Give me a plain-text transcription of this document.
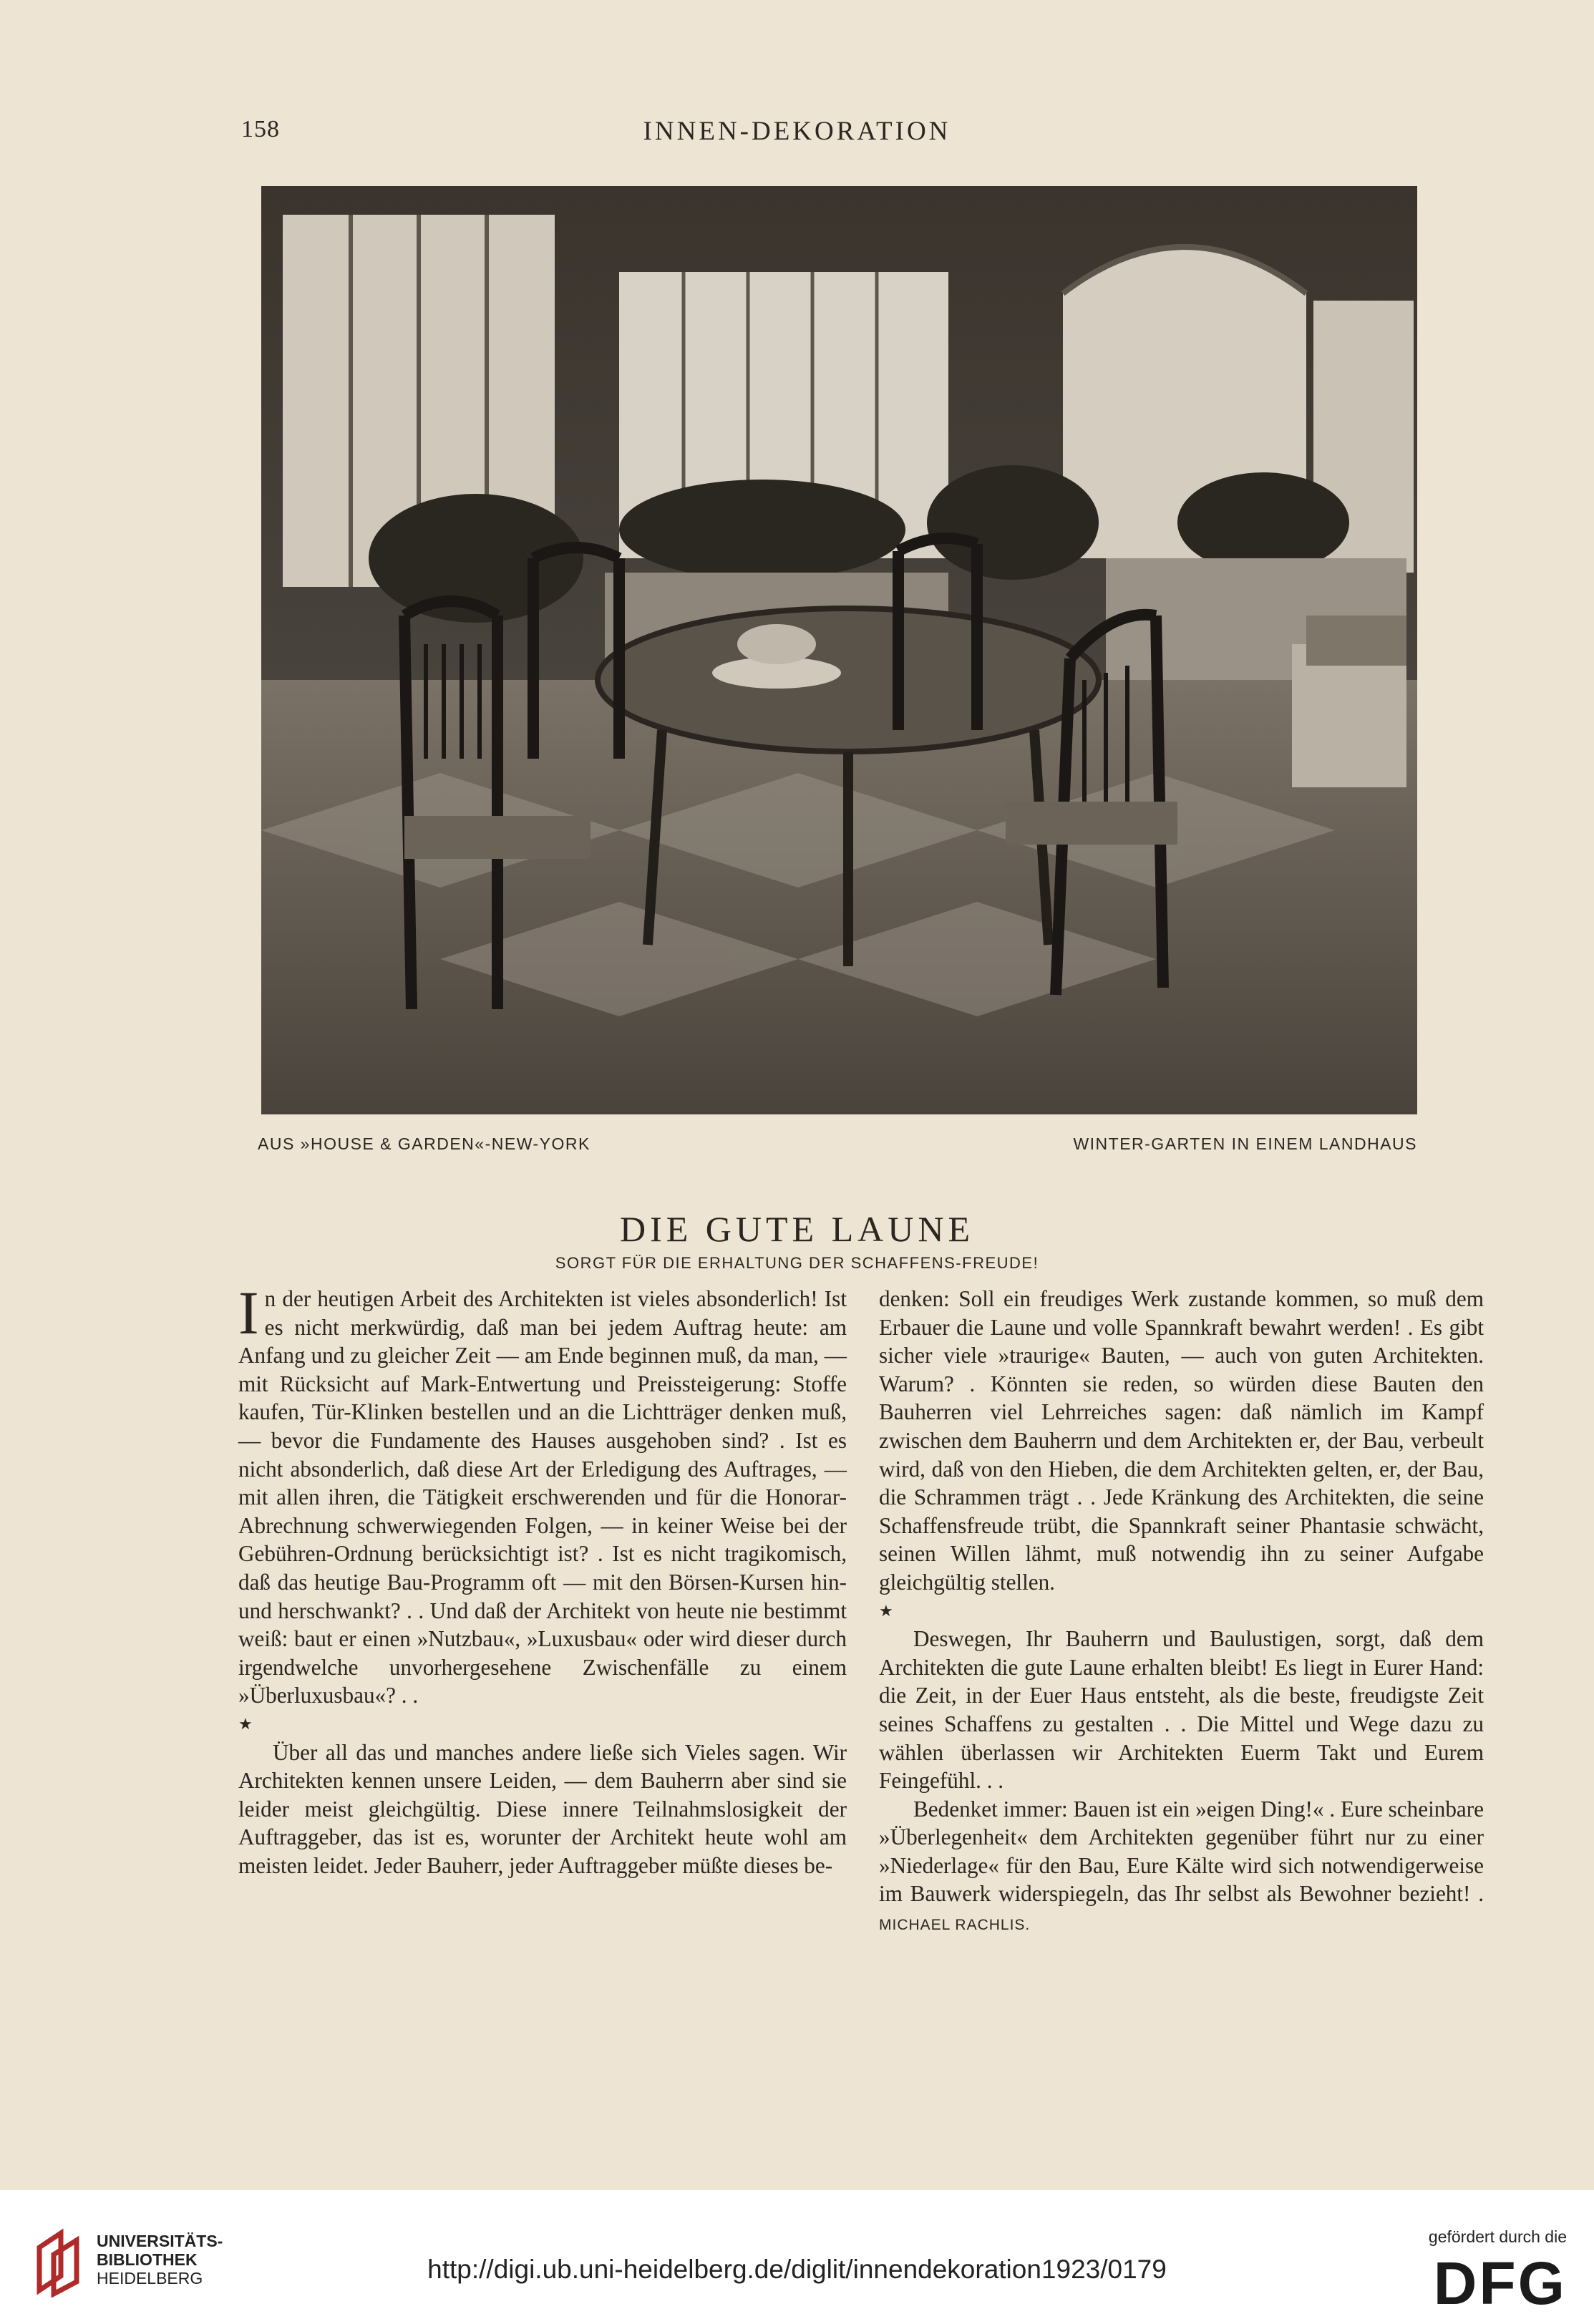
158	INNEN-DEKORATION
AUS »HOUSE & GARDEN«-NEW-YORK	WINTER-GARTEN IN EINEM LANDHAUS
DIE GUTE LAUNE
SORGT FÜR DIE ERHALTUNG DER SCHAFFENS-FREUDE!

In der heutigen Arbeit des Architekten ist vieles absonderlich! Ist es nicht merkwürdig, daß man bei jedem Auftrag heute: am Anfang und zu gleicher Zeit — am Ende beginnen muß, da man, — mit Rücksicht auf Mark-Entwertung und Preissteigerung: Stoffe kaufen, Tür-Klinken bestellen und an die Lichtträger denken muß, — bevor die Fundamente des Hauses ausgehoben sind? . Ist es nicht absonderlich, daß diese Art der Erledigung des Auftrages, — mit allen ihren, die Tätigkeit erschwerenden und für die Honorar-Abrechnung schwerwiegenden Folgen, — in keiner Weise bei der Gebühren-Ordnung berücksichtigt ist? . Ist es nicht tragikomisch, daß das heutige Bau-Programm oft — mit den Börsen-Kursen hin- und herschwankt? . . Und daß der Architekt von heute nie bestimmt weiß: baut er einen »Nutzbau«, »Luxusbau« oder wird dieser durch irgendwelche unvorhergesehene Zwischenfälle zu einem »Überluxusbau«? . .

★

Über all das und manches andere ließe sich Vieles sagen. Wir Architekten kennen unsere Leiden, — dem Bauherrn aber sind sie leider meist gleichgültig. Diese innere Teilnahmslosigkeit der Auftraggeber, das ist es, worunter der Architekt heute wohl am meisten leidet. Jeder Bauherr, jeder Auftraggeber müßte dieses be-

denken: Soll ein freudiges Werk zustande kommen, so muß dem Erbauer die Laune und volle Spannkraft bewahrt werden! . Es gibt sicher viele »traurige« Bauten, — auch von guten Architekten. Warum? . Könnten sie reden, so würden diese Bauten den Bauherren viel Lehrreiches sagen: daß nämlich im Kampf zwischen dem Bauherrn und dem Architekten er, der Bau, verbeult wird, daß von den Hieben, die dem Architekten gelten, er, der Bau, die Schrammen trägt . . Jede Kränkung des Architekten, die seine Schaffensfreude trübt, die Spannkraft seiner Phantasie schwächt, seinen Willen lähmt, muß notwendig ihn zu seiner Aufgabe gleichgültig stellen.

★

Deswegen, Ihr Bauherrn und Baulustigen, sorgt, daß dem Architekten die gute Laune erhalten bleibt! Es liegt in Eurer Hand: die Zeit, in der Euer Haus entsteht, als die beste, freudigste Zeit seines Schaffens zu gestalten . . Die Mittel und Wege dazu zu wählen überlassen wir Architekten Euerm Takt und Eurem Feingefühl. . .

Bedenket immer: Bauen ist ein »eigen Ding!« . Eure scheinbare »Überlegenheit« dem Architekten gegenüber führt nur zu einer »Niederlage« für den Bau, Eure Kälte wird sich notwendigerweise im Bauwerk widerspiegeln, das Ihr selbst als Bewohner bezieht! . MICHAEL RACHLIS.

UNIVERSITÄTS-
BIBLIOTHEK
HEIDELBERG	http://digi.ub.uni-heidelberg.de/diglit/innendekoration1923/0179
gefördert durch die
DFG
